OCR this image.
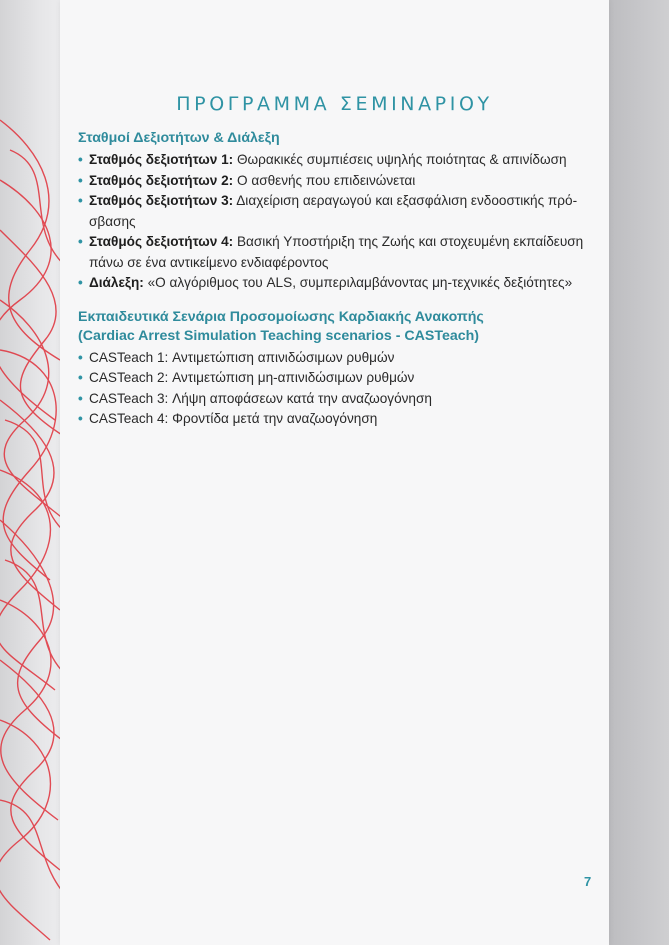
ΠΡΟΓΡΑΜΜΑ ΣΕΜΙΝΑΡΙΟΥ
Σταθμοί Δεξιοτήτων & Διάλεξη
• Σταθμός δεξιοτήτων 1: Θωρακικές συμπιέσεις υψηλής ποιότητας & απινίδωση
• Σταθμός δεξιοτήτων 2: Ο ασθενής που επιδεινώνεται
• Σταθμός δεξιοτήτων 3: Διαχείριση αεραγωγού και εξασφάλιση ενδοοστικής πρό-
σβασης
• Σταθμός δεξιοτήτων 4: Βασική Υποστήριξη της Ζωής και στοχευμένη εκπαίδευση
πάνω σε ένα αντικείμενο ενδιαφέροντος
• Διάλεξη: «Ο αλγόριθμος του ALS, συμπεριλαμβάνοντας μη-τεχνικές δεξιότητες»
Εκπαιδευτικά Σενάρια Προσομοίωσης Καρδιακής Ανακοπής
(Cardiac Arrest Simulation Teaching scenarios - CASTeach)
• CASTeach 1: Αντιμετώπιση απινιδώσιμων ρυθμών
• CASTeach 2: Αντιμετώπιση μη-απινιδώσιμων ρυθμών
• CASTeach 3: Λήψη αποφάσεων κατά την αναζωογόνηση
• CASTeach 4: Φροντίδα μετά την αναζωογόνηση
7
